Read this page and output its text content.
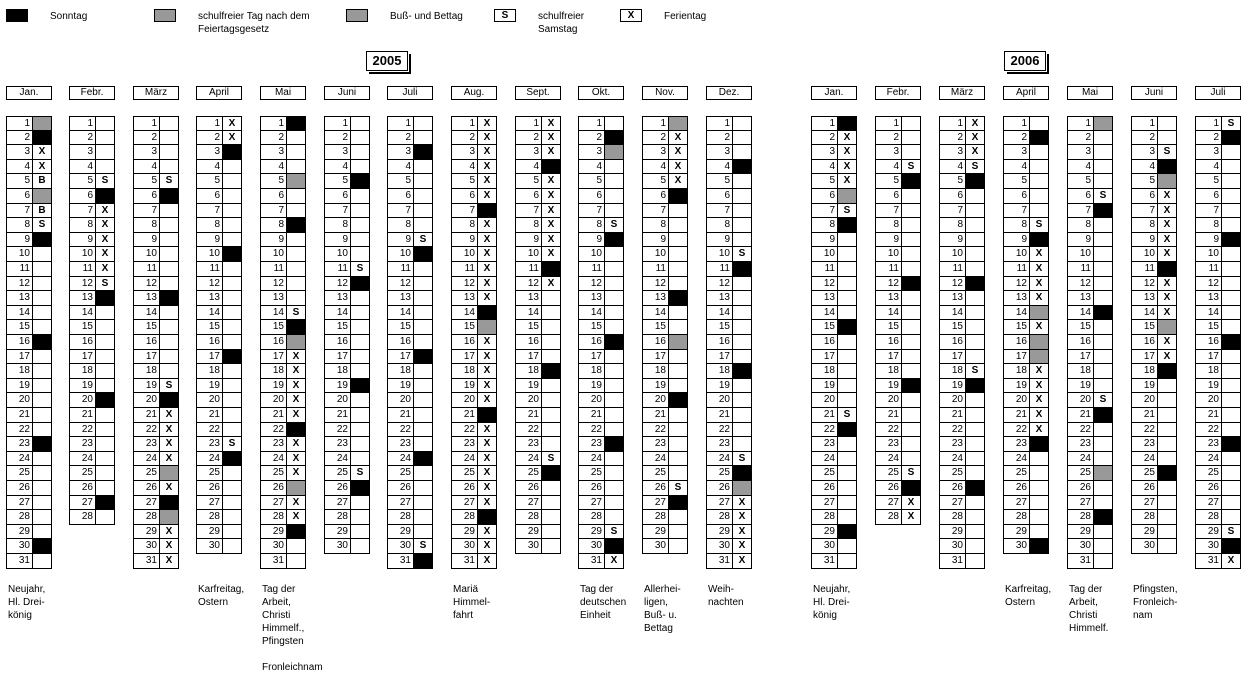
Sonntag	schulfreier Tag nach dem Feiertagsgesetz
Buß- und Bettag	S	schulfreier Samstag
X	Ferientag
2005	2006
Jan.
1
2
3 X
4 X
5 B
6
7 B
8 S
9
10
11
12
13
14
15
16
17
18
19
20
21
22
23
24
25
26
27
28
29
30
31
Neujahr,
Hl. Drei-
könig
Febr.
1
2
3
4
5 S
6
7 X
8 X
9 X
10 X
11 X
12 S
13
14
15
16
17
18
19
20
21
22
23
24
25
26
27
28
März
1
2
3
4
5 S
6
7
8
9
10
11
12
13
14
15
16
17
18
19 S
20
21 X
22 X
23 X
24 X
25
26 X
27
28
29 X
30 X
31 X
April
1 X
2 X
3
4
5
6
7
8
9
10
11
12
13
14
15
16
17
18
19
20
21
22
23 S
24
25
26
27
28
29
30
Karfreitag,
Ostern
Mai
1
2
3
4
5
6
7
8
9
10
11
12
13
14 S
15
16
17 X
18 X
19 X
20 X
21 X
22
23 X
24 X
25 X
26
27 X
28 X
29
30
31
Tag der
Arbeit,
Christi
Himmelf.,
Pfingsten

Fronleichnam
Juni
1
2
3
4
5
6
7
8
9
10
11 S
12
13
14
15
16
17
18
19
20
21
22
23
24
25 S
26
27
28
29
30
Juli
1
2
3
4
5
6
7
8
9 S
10
11
12
13
14
15
16
17
18
19
20
21
22
23
24
25
26
27
28
29
30 S
31
Aug.
1 X
2 X
3 X
4 X
5 X
6 X
7
8 X
9 X
10 X
11 X
12 X
13 X
14
15
16 X
17 X
18 X
19 X
20 X
21
22 X
23 X
24 X
25 X
26 X
27 X
28
29 X
30 X
31 X
Mariä
Himmel-
fahrt
Sept.
1 X
2 X
3 X
4
5 X
6 X
7 X
8 X
9 X
10 X
11
12 X
13
14
15
16
17
18
19
20
21
22
23
24 S
25
26
27
28
29
30
Okt.
1
2
3
4
5
6
7
8 S
9
10
11
12
13
14
15
16
17
18
19
20
21
22
23
24
25
26
27
28
29 S
30
31 X
Tag der
deutschen
Einheit
Nov.
1
2 X
3 X
4 X
5 X
6
7
8
9
10
11
12
13
14
15
16
17
18
19
20
21
22
23
24
25
26 S
27
28
29
30
Allerhei-
ligen,
Buß- u.
Bettag
Dez.
1
2
3
4
5
6
7
8
9
10 S
11
12
13
14
15
16
17
18
19
20
21
22
23
24 S
25
26
27 X
28 X
29 X
30 X
31 X
Weih-
nachten
Jan.
1
2 X
3 X
4 X
5 X
6
7 S
8
9
10
11
12
13
14
15
16
17
18
19
20
21 S
22
23
24
25
26
27
28
29
30
31
Neujahr,
Hl. Drei-
könig
Febr.
1
2
3
4 S
5
6
7
8
9
10
11
12
13
14
15
16
17
18
19
20
21
22
23
24
25 S
26
27 X
28 X
März
1 X
2 X
3 X
4 S
5
6
7
8
9
10
11
12
13
14
15
16
17
18 S
19
20
21
22
23
24
25
26
27
28
29
30
31
April
1
2
3
4
5
6
7
8 S
9
10 X
11 X
12 X
13 X
14
15 X
16
17
18 X
19 X
20 X
21 X
22 X
23
24
25
26
27
28
29
30
Karfreitag,
Ostern
Mai
1
2
3
4
5
6 S
7
8
9
10
11
12
13
14
15
16
17
18
19
20 S
21
22
23
24
25
26
27
28
29
30
31
Tag der
Arbeit,
Christi
Himmelf.
Juni
1
2
3 S
4
5
6 X
7 X
8 X
9 X
10 X
11
12 X
13 X
14 X
15
16 X
17 X
18
19
20
21
22
23
24
25
26
27
28
29
30
Pfingsten,
Fronleich-
nam
Juli
1 S
2
3
4
5
6
7
8
9
10
11
12
13
14
15
16
17
18
19
20
21
22
23
24
25
26
27
28
29 S
30
31 X
